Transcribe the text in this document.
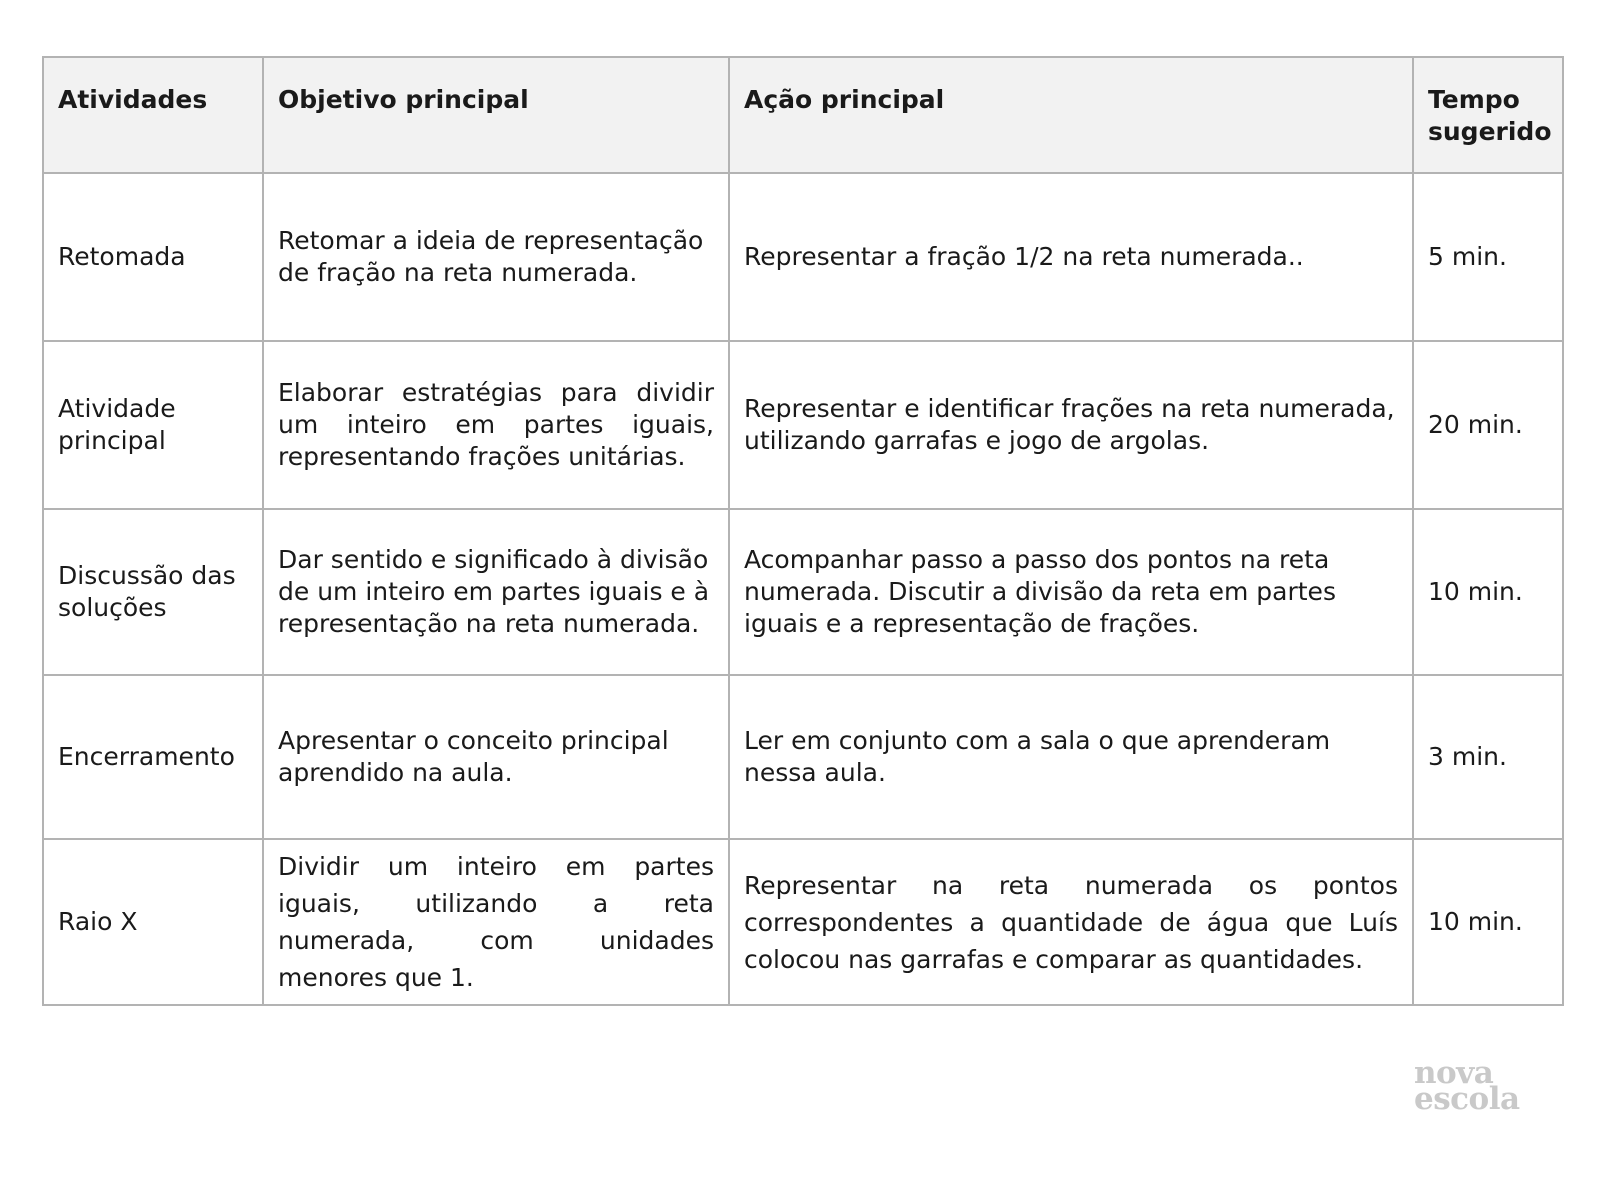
Atividades	Objetivo principal	Ação principal	Tempo sugerido
Retomada	Retomar a ideia de representação de fração na reta numerada.	Representar a fração 1/2 na reta numerada..	5 min.
Atividade principal	Elaborar estratégias para dividir um inteiro em partes iguais, representando frações unitárias.	Representar e identificar frações na reta numerada, utilizando garrafas e jogo de argolas.	20 min.
Discussão das soluções	Dar sentido e significado à divisão de um inteiro em partes iguais e à representação na reta numerada.	Acompanhar passo a passo dos pontos na reta numerada. Discutir a divisão da reta em partes iguais e a representação de frações.	10 min.
Encerramento	Apresentar o conceito principal aprendido na aula.	Ler em conjunto com a sala o que aprenderam nessa aula.	3 min.
Raio X	Dividir um inteiro em partes iguais, utilizando a reta numerada, com unidades menores que 1.	Representar na reta numerada os pontos correspondentes a quantidade de água que Luís colocou nas garrafas e comparar as quantidades.	10 min.
nova
escola
